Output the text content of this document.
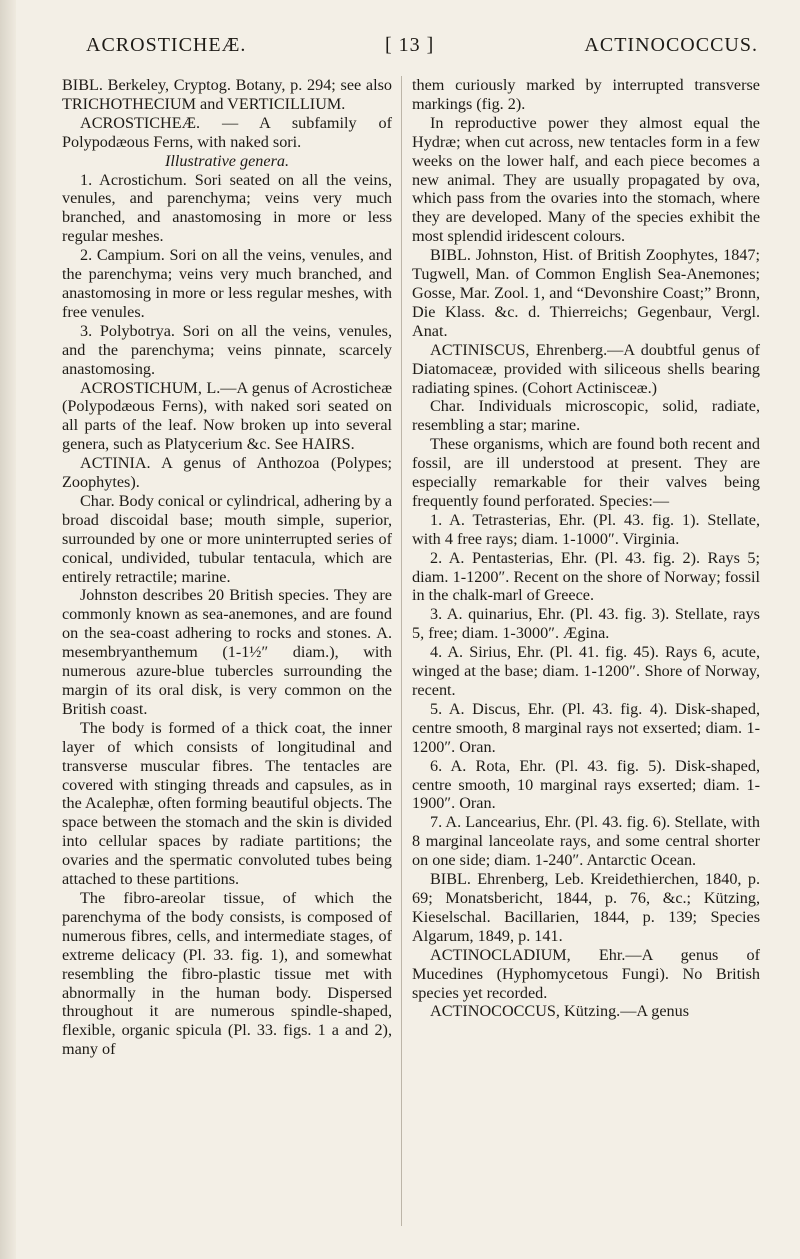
ACROSTICHEÆ.	[ 13 ]	ACTINOCOCCUS.

BIBL. Berkeley, Cryptog. Botany, p. 294; see also TRICHOTHECIUM and VERTICILLIUM.

ACROSTICHEÆ. — A subfamily of Polypodæous Ferns, with naked sori.

Illustrative genera.

1. Acrostichum. Sori seated on all the veins, venules, and parenchyma; veins very much branched, and anastomosing in more or less regular meshes.

2. Campium. Sori on all the veins, venules, and the parenchyma; veins very much branched, and anastomosing in more or less regular meshes, with free venules.

3. Polybotrya. Sori on all the veins, venules, and the parenchyma; veins pinnate, scarcely anastomosing.

ACROSTICHUM, L.—A genus of Acrosticheæ (Polypodæous Ferns), with naked sori seated on all parts of the leaf. Now broken up into several genera, such as Platycerium &c. See HAIRS.

ACTINIA. A genus of Anthozoa (Polypes; Zoophytes).

Char. Body conical or cylindrical, adhering by a broad discoidal base; mouth simple, superior, surrounded by one or more uninterrupted series of conical, undivided, tubular tentacula, which are entirely retractile; marine.

Johnston describes 20 British species. They are commonly known as sea-anemones, and are found on the sea-coast adhering to rocks and stones. A. mesembryanthemum (1-1½″ diam.), with numerous azure-blue tubercles surrounding the margin of its oral disk, is very common on the British coast.

The body is formed of a thick coat, the inner layer of which consists of longitudinal and transverse muscular fibres. The tentacles are covered with stinging threads and capsules, as in the Acalephæ, often forming beautiful objects. The space between the stomach and the skin is divided into cellular spaces by radiate partitions; the ovaries and the spermatic convoluted tubes being attached to these partitions.

The fibro-areolar tissue, of which the parenchyma of the body consists, is composed of numerous fibres, cells, and intermediate stages, of extreme delicacy (Pl. 33. fig. 1), and somewhat resembling the fibro-plastic tissue met with abnormally in the human body. Dispersed throughout it are numerous spindle-shaped, flexible, organic spicula (Pl. 33. figs. 1 a and 2), many of

them curiously marked by interrupted transverse markings (fig. 2).

In reproductive power they almost equal the Hydræ; when cut across, new tentacles form in a few weeks on the lower half, and each piece becomes a new animal. They are usually propagated by ova, which pass from the ovaries into the stomach, where they are developed. Many of the species exhibit the most splendid iridescent colours.

BIBL. Johnston, Hist. of British Zoophytes, 1847; Tugwell, Man. of Common English Sea-Anemones; Gosse, Mar. Zool. 1, and “Devonshire Coast;” Bronn, Die Klass. &c. d. Thierreichs; Gegenbaur, Vergl. Anat.

ACTINISCUS, Ehrenberg.—A doubtful genus of Diatomaceæ, provided with siliceous shells bearing radiating spines. (Cohort Actinisceæ.)

Char. Individuals microscopic, solid, radiate, resembling a star; marine.

These organisms, which are found both recent and fossil, are ill understood at present. They are especially remarkable for their valves being frequently found perforated. Species:—

1. A. Tetrasterias, Ehr. (Pl. 43. fig. 1). Stellate, with 4 free rays; diam. 1-1000″. Virginia.

2. A. Pentasterias, Ehr. (Pl. 43. fig. 2). Rays 5; diam. 1-1200″. Recent on the shore of Norway; fossil in the chalk-marl of Greece.

3. A. quinarius, Ehr. (Pl. 43. fig. 3). Stellate, rays 5, free; diam. 1-3000″. Ægina.

4. A. Sirius, Ehr. (Pl. 41. fig. 45). Rays 6, acute, winged at the base; diam. 1-1200″. Shore of Norway, recent.

5. A. Discus, Ehr. (Pl. 43. fig. 4). Disk-shaped, centre smooth, 8 marginal rays not exserted; diam. 1-1200″. Oran.

6. A. Rota, Ehr. (Pl. 43. fig. 5). Disk-shaped, centre smooth, 10 marginal rays exserted; diam. 1-1900″. Oran.

7. A. Lancearius, Ehr. (Pl. 43. fig. 6). Stellate, with 8 marginal lanceolate rays, and some central shorter on one side; diam. 1-240″. Antarctic Ocean.

BIBL. Ehrenberg, Leb. Kreidethierchen, 1840, p. 69; Monatsbericht, 1844, p. 76, &c.; Kützing, Kieselschal. Bacillarien, 1844, p. 139; Species Algarum, 1849, p. 141.

ACTINOCLADIUM, Ehr.—A genus of Mucedines (Hyphomycetous Fungi). No British species yet recorded.

ACTINOCOCCUS, Kützing.—A genus
